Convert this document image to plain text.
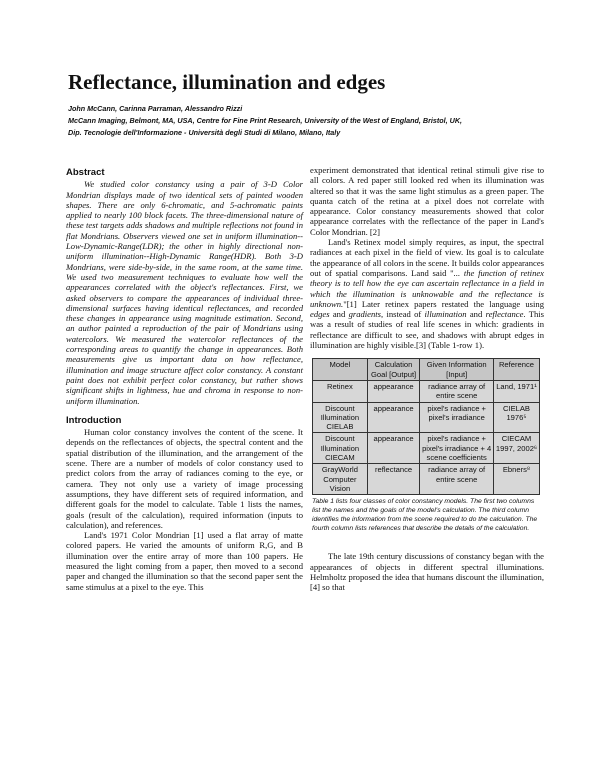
Reflectance, illumination and edges
John McCann, Carinna Parraman, Alessandro Rizzi
McCann Imaging, Belmont, MA, USA, Centre for Fine Print Research, University of the West of England, Bristol, UK,
Dip. Tecnologie dell'Informazione - Università degli Studi di Milano, Milano, Italy
Abstract

We studied color constancy using a pair of 3-D Color Mondrian displays made of two identical sets of painted wooden shapes. There are only 6-chromatic, and 5-achromatic paints applied to nearly 100 block facets. The three-dimensional nature of these test targets adds shadows and multiple reflections not found in flat Mondrians. Observers viewed one set in uniform illumination--Low-Dynamic-Range(LDR); the other in highly directional non-uniform illumination--High-Dynamic Range(HDR). Both 3-D Mondrians, were side-by-side, in the same room, at the same time. We used two measurement techniques to evaluate how well the appearances correlated with the object's reflectances. First, we asked observers to compare the appearances of individual three-dimensional surfaces having identical reflectances, and recorded these changes in appearance using magnitude estimation. Second, an author painted a reproduction of the pair of Mondrians using watercolors. We measured the watercolor reflectances of the corresponding areas to quantify the change in appearances. Both measurements give us important data on how reflectance, illumination and image structure affect color constancy. A constant paint does not exhibit perfect color constancy, but rather shows significant shifts in lightness, hue and chroma in response to non-uniform illumination.

Introduction

Human color constancy involves the content of the scene. It depends on the reflectances of objects, the spectral content and the spatial distribution of the illumination, and the arrangement of the scene. There are a number of models of color constancy used to predict colors from the array of radiances coming to the eye, or camera. They not only use a variety of image processing assumptions, they have different sets of required information, and different goals for the model to calculate. Table 1 lists the names, goals (result of the calculation), required information (inputs to calculation), and references.

Land's 1971 Color Mondrian [1] used a flat array of matte colored papers. He varied the amounts of uniform R,G, and B illumination over the entire array of more than 100 papers. He measured the light coming from a paper, then moved to a second paper and changed the illumination so that the second paper sent the same stimulus at a pixel to the eye. This

experiment demonstrated that identical retinal stimuli give rise to all colors. A red paper still looked red when its illumination was altered so that it was the same light stimulus as a green paper. The quanta catch of the retina at a pixel does not correlate with appearance. Color constancy measurements showed that color appearance correlates with the reflectance of the paper in Land's Color Mondrian. [2]

Land's Retinex model simply requires, as input, the spectral radiances at each pixel in the field of view. Its goal is to calculate the appearance of all colors in the scene. It builds color appearances out of spatial comparisons. Land said "... the function of retinex theory is to tell how the eye can ascertain reflectance in a field in which the illumination is unknowable and the reflectance is unknown."[1] Later retinex papers restated the language using edges and gradients, instead of illumination and reflectance. This was a result of studies of real life scenes in which: gradients in reflectance are difficult to see, and shadows with abrupt edges in illumination are highly visible.[3] (Table 1-row 1).

Model	Calculation Goal [Output]	Given Information [Input]	Reference
Retinex	appearance	radiance array of entire scene	Land, 1971¹
Discount Illumination CIELAB	appearance	pixel's radiance + pixel's irradiance	CIELAB 1976⁵
Discount Illumination CIECAM	appearance	pixel's radiance + pixel's irradiance + 4 scene coefficients	CIECAM 1997, 2002⁶
GrayWorld Computer Vision	reflectance	radiance array of entire scene	Ebners⁸

Table 1 lists four classes of color constancy models. The first two columns list the names and the goals of the model's calculation. The third column identifies the information from the scene required to do the calculation. The fourth column lists references that describe the details of the calculation.

The late 19th century discussions of constancy began with the appearances of objects in different spectral illuminations. Helmholtz proposed the idea that humans discount the illumination,[4] so that
